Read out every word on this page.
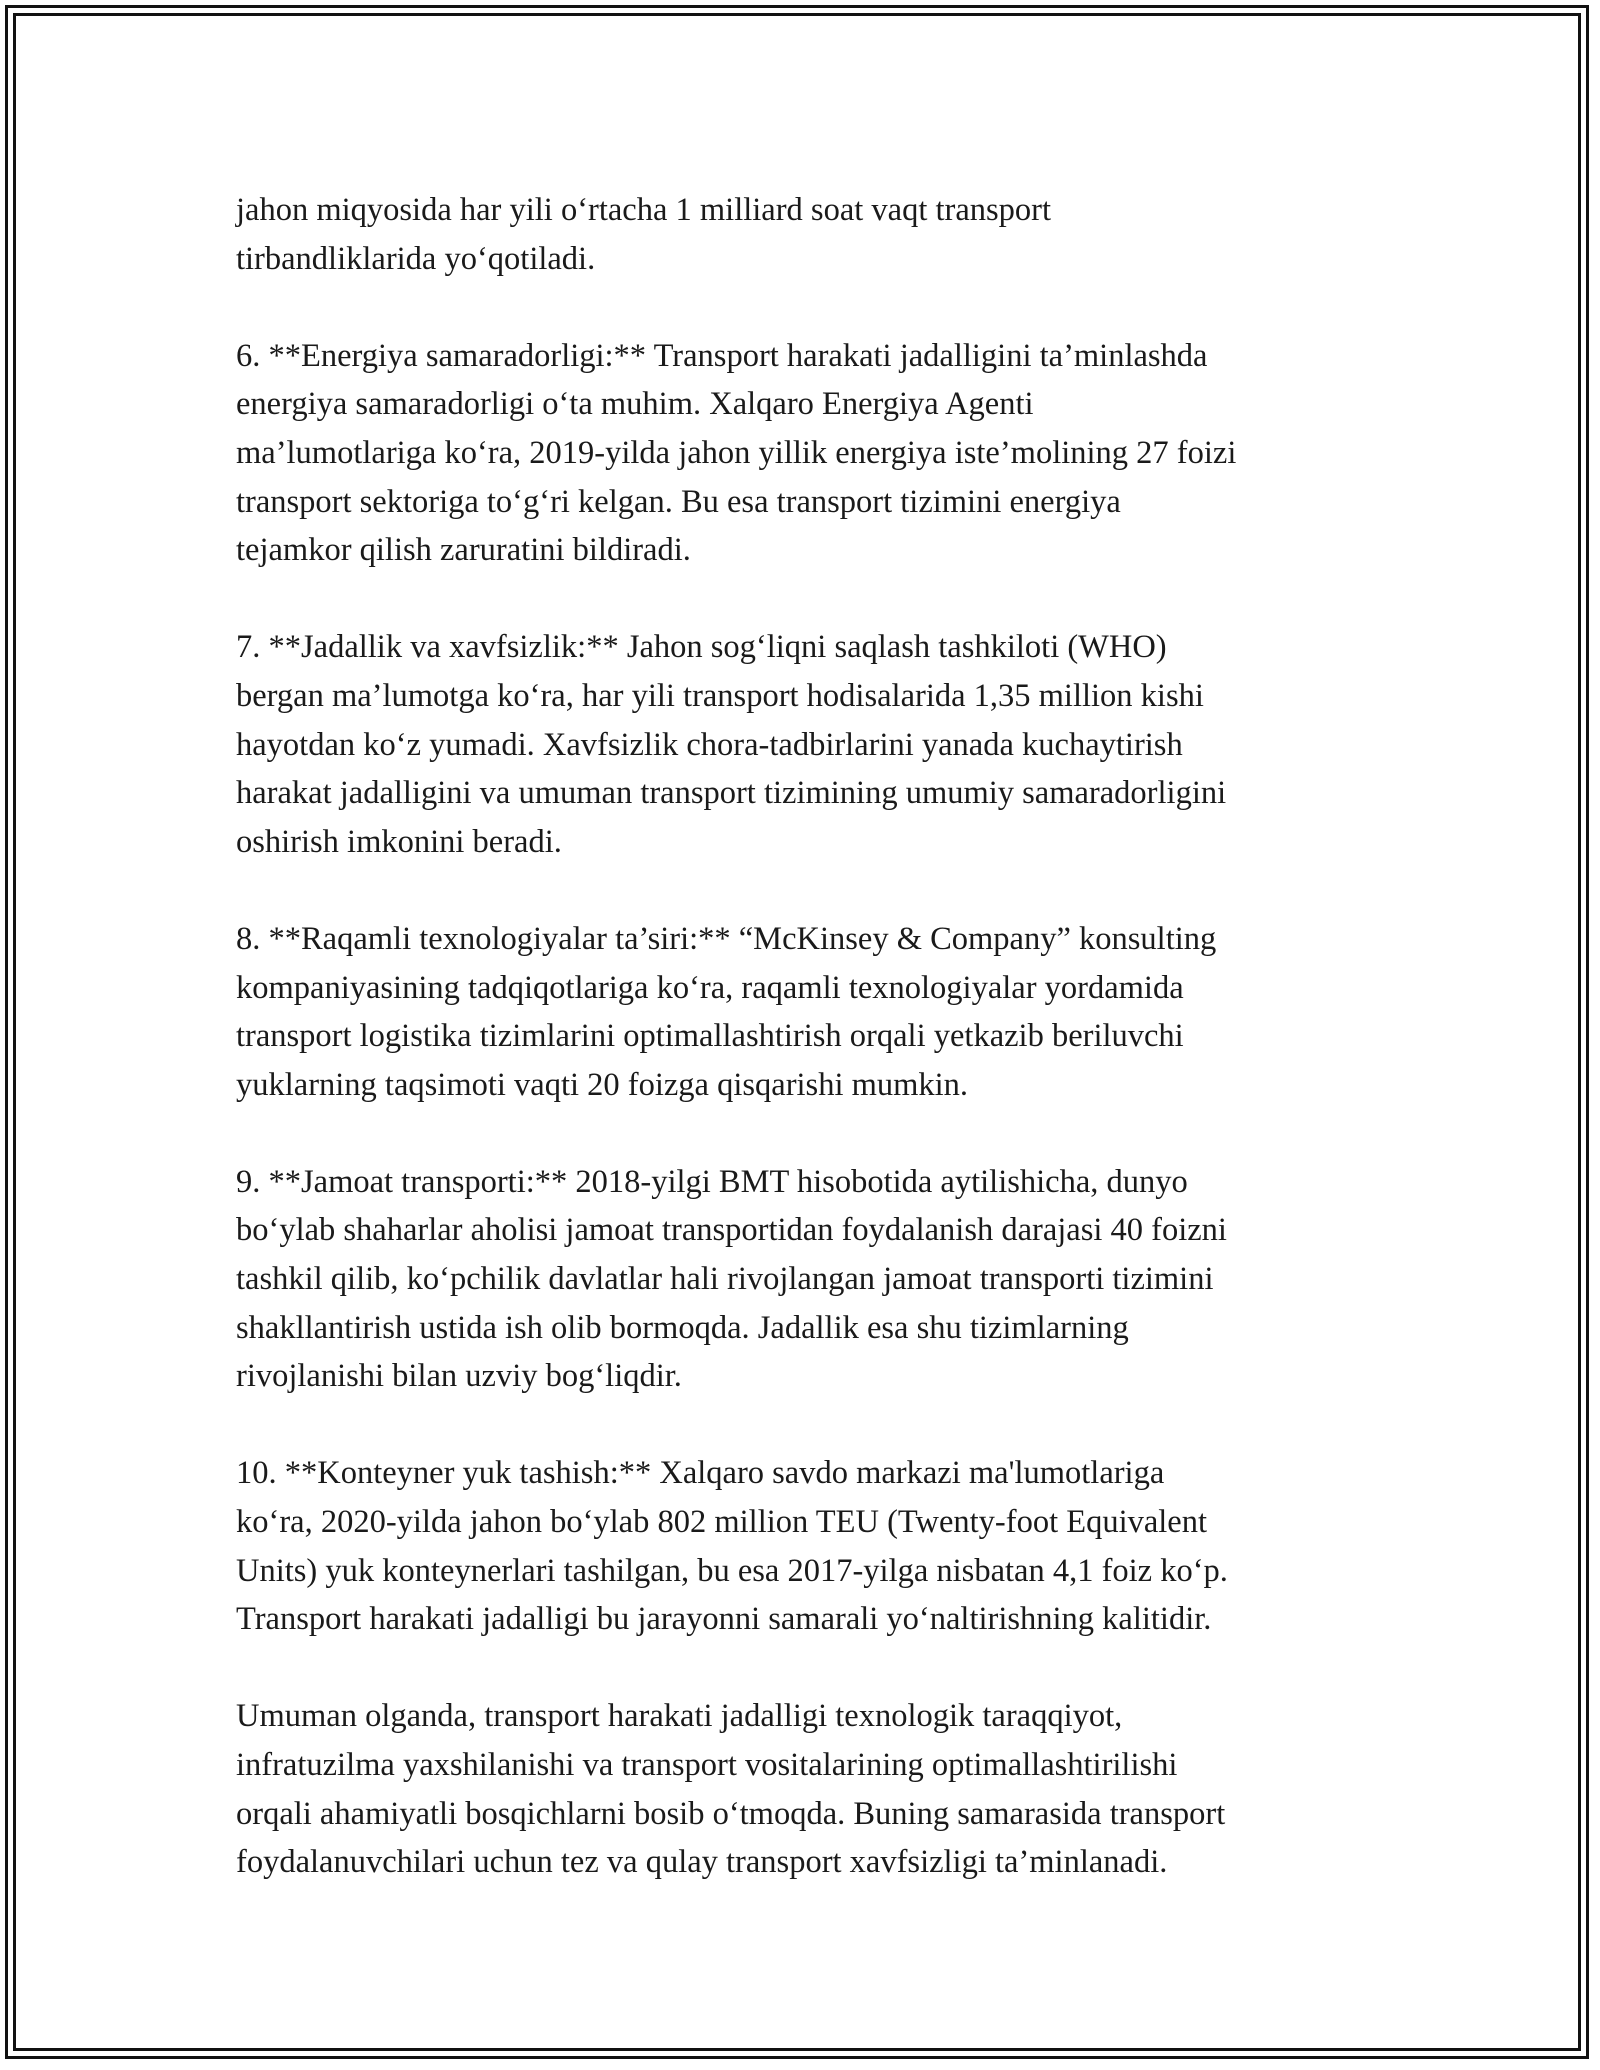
jahon miqyosida har yili oʻrtacha 1 milliard soat vaqt transport
tirbandliklarida yoʻqotiladi.

6. **Energiya samaradorligi:** Transport harakati jadalligini ta’minlashda
energiya samaradorligi oʻta muhim. Xalqaro Energiya Agenti
ma’lumotlariga koʻra, 2019-yilda jahon yillik energiya iste’molining 27 foizi
transport sektoriga toʻgʻri kelgan. Bu esa transport tizimini energiya
tejamkor qilish zaruratini bildiradi.

7. **Jadallik va xavfsizlik:** Jahon sogʻliqni saqlash tashkiloti (WHO)
bergan ma’lumotga koʻra, har yili transport hodisalarida 1,35 million kishi
hayotdan koʻz yumadi. Xavfsizlik chora-tadbirlarini yanada kuchaytirish
harakat jadalligini va umuman transport tizimining umumiy samaradorligini
oshirish imkonini beradi.

8. **Raqamli texnologiyalar ta’siri:** “McKinsey & Company” konsulting
kompaniyasining tadqiqotlariga koʻra, raqamli texnologiyalar yordamida
transport logistika tizimlarini optimallashtirish orqali yetkazib beriluvchi
yuklarning taqsimoti vaqti 20 foizga qisqarishi mumkin.

9. **Jamoat transporti:** 2018-yilgi BMT hisobotida aytilishicha, dunyo
boʻylab shaharlar aholisi jamoat transportidan foydalanish darajasi 40 foizni
tashkil qilib, koʻpchilik davlatlar hali rivojlangan jamoat transporti tizimini
shakllantirish ustida ish olib bormoqda. Jadallik esa shu tizimlarning
rivojlanishi bilan uzviy bogʻliqdir.

10. **Konteyner yuk tashish:** Xalqaro savdo markazi ma'lumotlariga
koʻra, 2020-yilda jahon boʻylab 802 million TEU (Twenty-foot Equivalent
Units) yuk konteynerlari tashilgan, bu esa 2017-yilga nisbatan 4,1 foiz koʻp.
Transport harakati jadalligi bu jarayonni samarali yoʻnaltirishning kalitidir.

Umuman olganda, transport harakati jadalligi texnologik taraqqiyot,
infratuzilma yaxshilanishi va transport vositalarining optimallashtirilishi
orqali ahamiyatli bosqichlarni bosib oʻtmoqda. Buning samarasida transport
foydalanuvchilari uchun tez va qulay transport xavfsizligi ta’minlanadi.
